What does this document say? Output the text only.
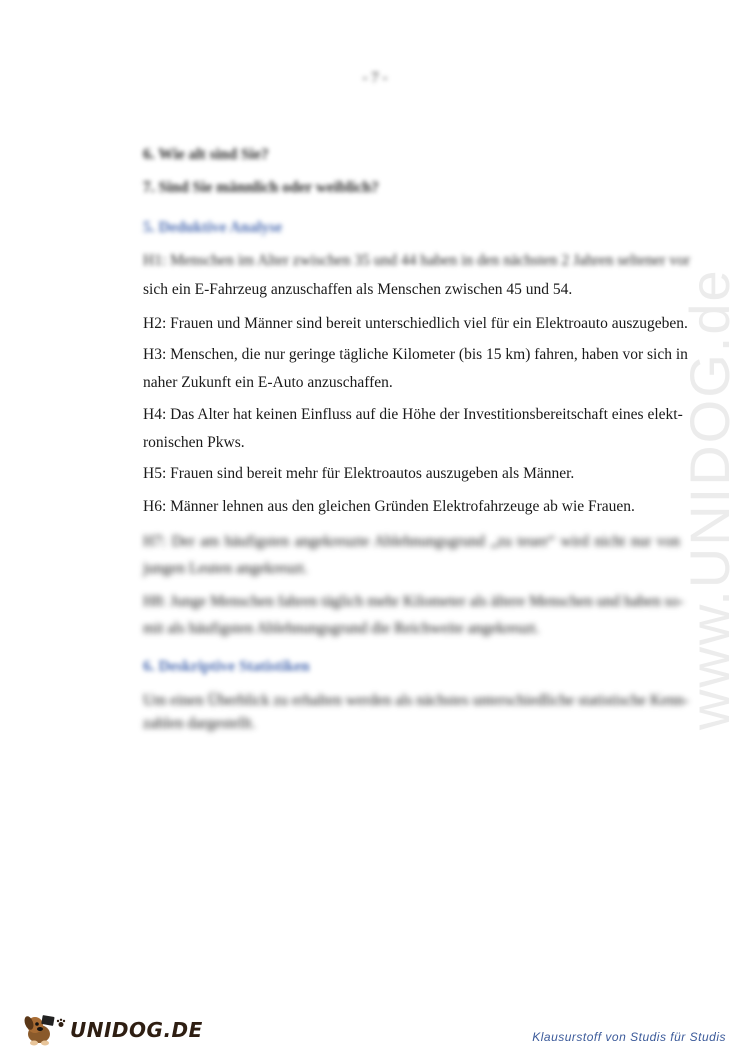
www.UNIDOG.de
- 7 -
6. Wie alt sind Sie?
7. Sind Sie männlich oder weiblich?
5. Deduktive Analyse
H1: Menschen im Alter zwischen 35 und 44 haben in den nächsten 2 Jahren seltener vor
sich ein E-Fahrzeug anzuschaffen als Menschen zwischen 45 und 54.
H2: Frauen und Männer sind bereit unterschiedlich viel für ein Elektroauto auszugeben.
H3: Menschen, die nur geringe tägliche Kilometer (bis 15 km) fahren, haben vor sich in
naher Zukunft ein E-Auto anzuschaffen.
H4: Das Alter hat keinen Einfluss auf die Höhe der Investitionsbereitschaft eines elekt-
ronischen Pkws.
H5: Frauen sind bereit mehr für Elektroautos auszugeben als Männer.
H6: Männer lehnen aus den gleichen Gründen Elektrofahrzeuge ab wie Frauen.
H7: Der am häufigsten angekreuzte Ablehnungsgrund „zu teuer“ wird nicht nur von
jungen Leuten angekreuzt.
H8: Junge Menschen fahren täglich mehr Kilometer als ältere Menschen und haben so-
mit als häufigsten Ablehnungsgrund die Reichweite angekreuzt.
6. Deskriptive Statistiken
Um einen Überblick zu erhalten werden als nächstes unterschiedliche statistische Kenn-
zahlen dargestellt.
UNIDOG.DE	Klausurstoff von Studis für Studis
